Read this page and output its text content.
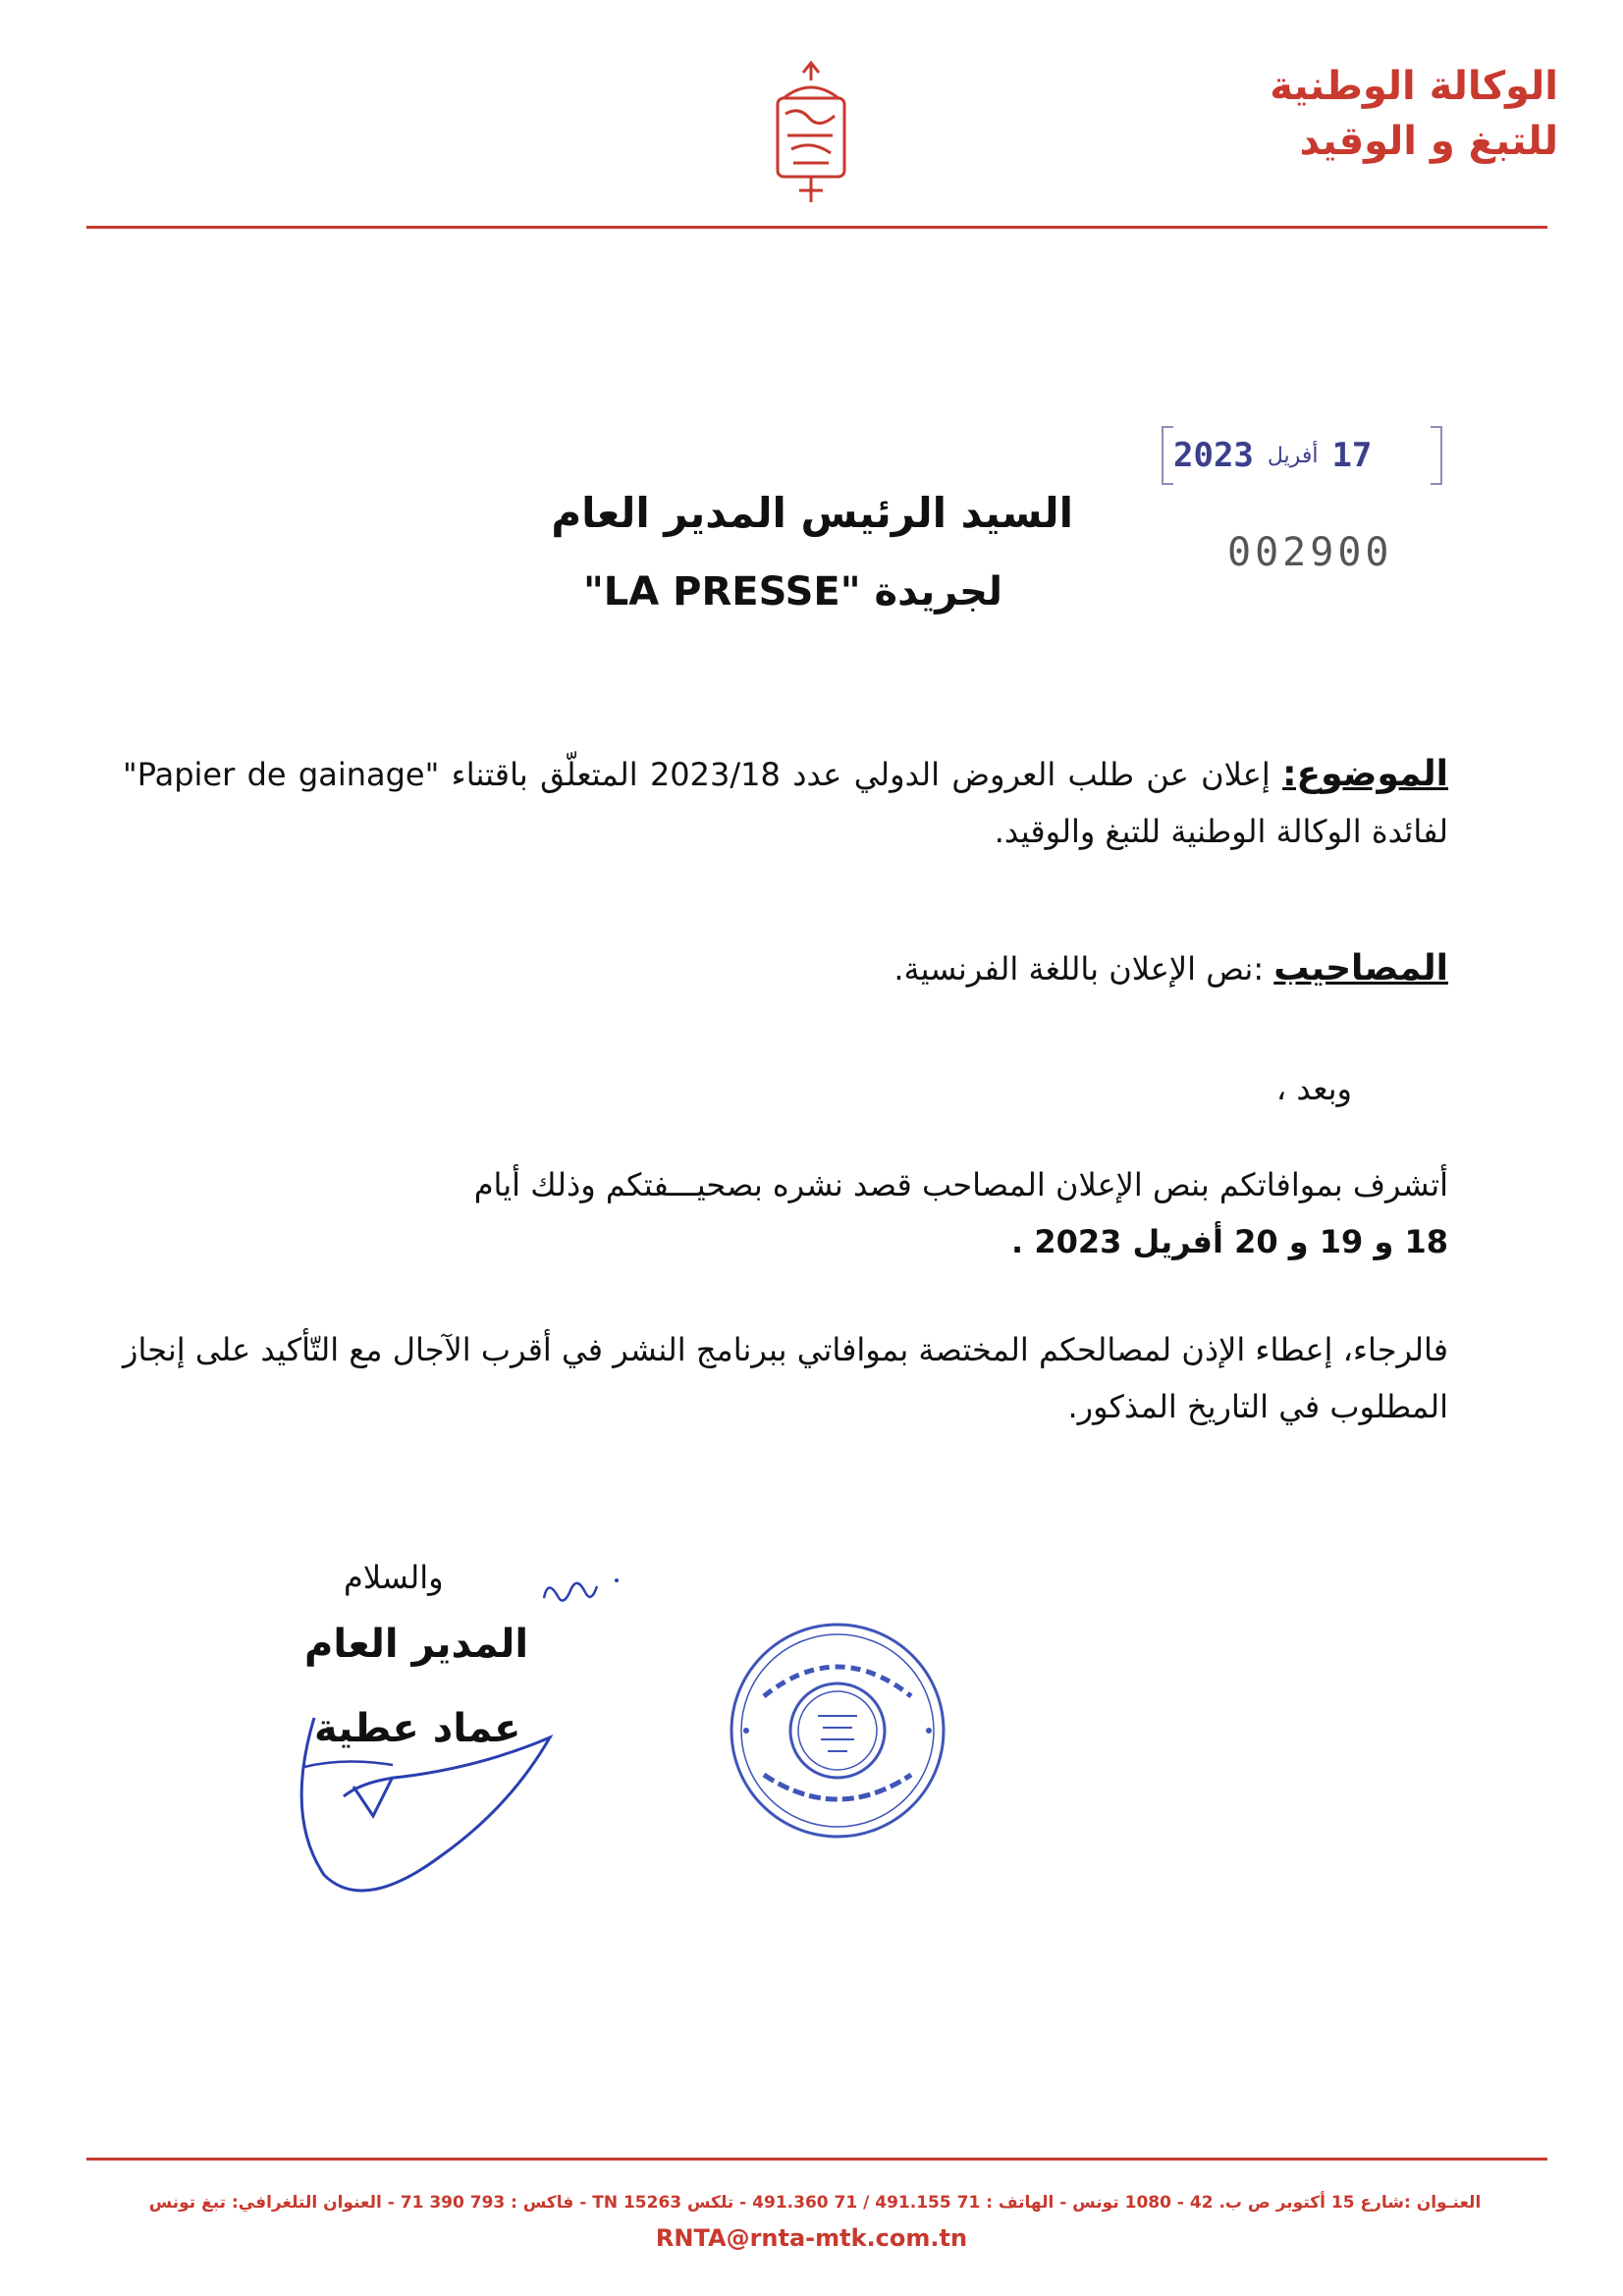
الوكالة الوطنية
للتبغ و الوقيد
2023 أفريل 17
002900
السيد الرئيس المدير العام
لجريدة "LA PRESSE"
الموضوع: إعلان عن طلب العروض الدولي عدد 2023/18 المتعلّق باقتناء "Papier de gainage" لفائدة الوكالة الوطنية للتبغ والوقيد.
المصاحيب :نص الإعلان باللغة الفرنسية.
وبعد ،
أتشرف بموافاتكم بنص الإعلان المصاحب قصد نشره بصحيـــفتكم وذلك أيام
18 و 19 و 20 أفريل 2023 .
فالرجاء، إعطاء الإذن لمصالحكم المختصة بموافاتي ببرنامج النشر في أقرب الآجال مع التّأكيد على إنجاز المطلوب في التاريخ المذكور.
والسلام
المدير العام
عماد عطية
العنـوان :شارع 15 أكتوبر ص ب. 42 - 1080 تونس - الهاتف : 71 491.155 / 71 491.360 - تلكس TN 15263 - فاكس : 793 390 71 - العنوان التلغرافي: تبغ تونس
RNTA@rnta-mtk.com.tn
